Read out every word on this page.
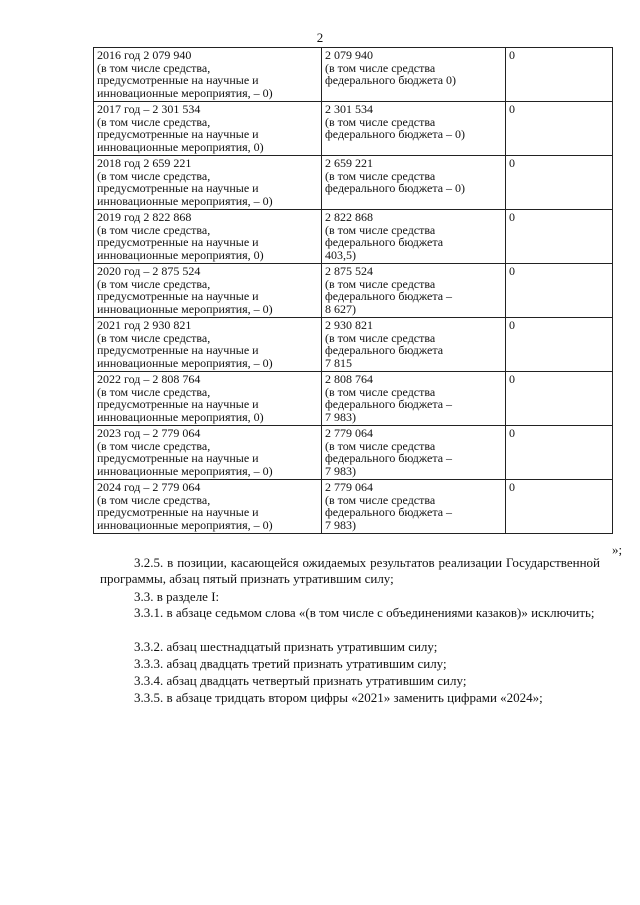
2
2016 год 2 079 940
(в том числе средства,
предусмотренные на научные и
инновационные мероприятия, – 0)	2 079 940
(в том числе средства
федерального бюджета 0)	0

2017 год – 2 301 534
(в том числе средства,
предусмотренные на научные и
инновационные мероприятия, 0)	2 301 534
(в том числе средства
федерального бюджета – 0)	0

2018 год 2 659 221
(в том числе средства,
предусмотренные на научные и
инновационные мероприятия, – 0)	2 659 221
(в том числе средства
федерального бюджета – 0)	0

2019 год 2 822 868
(в том числе средства,
предусмотренные на научные и
инновационные мероприятия, 0)	2 822 868
(в том числе средства
федерального бюджета
403,5)	0

2020 год – 2 875 524
(в том числе средства,
предусмотренные на научные и
инновационные мероприятия, – 0)	2 875 524
(в том числе средства
федерального бюджета –
8 627)	0

2021 год 2 930 821
(в том числе средства,
предусмотренные на научные и
инновационные мероприятия, – 0)	2 930 821
(в том числе средства
федерального бюджета
7 815	0

2022 год – 2 808 764
(в том числе средства,
предусмотренные на научные и
инновационные мероприятия, 0)	2 808 764
(в том числе средства
федерального бюджета –
7 983)	0

2023 год – 2 779 064
(в том числе средства,
предусмотренные на научные и
инновационные мероприятия, – 0)	2 779 064
(в том числе средства
федерального бюджета –
7 983)	0

2024 год – 2 779 064
(в том числе средства,
предусмотренные на научные и
инновационные мероприятия, – 0)	2 779 064
(в том числе средства
федерального бюджета –
7 983)	0
»;
3.2.5. в позиции, касающейся ожидаемых результатов реализации Государственной программы, абзац пятый признать утратившим силу;
3.3. в разделе I:
3.3.1. в абзаце седьмом слова «(в том числе с объединениями казаков)» исключить;
3.3.2. абзац шестнадцатый признать утратившим силу;
3.3.3. абзац двадцать третий признать утратившим силу;
3.3.4. абзац двадцать четвертый признать утратившим силу;
3.3.5. в абзаце тридцать втором цифры «2021» заменить цифрами «2024»;
